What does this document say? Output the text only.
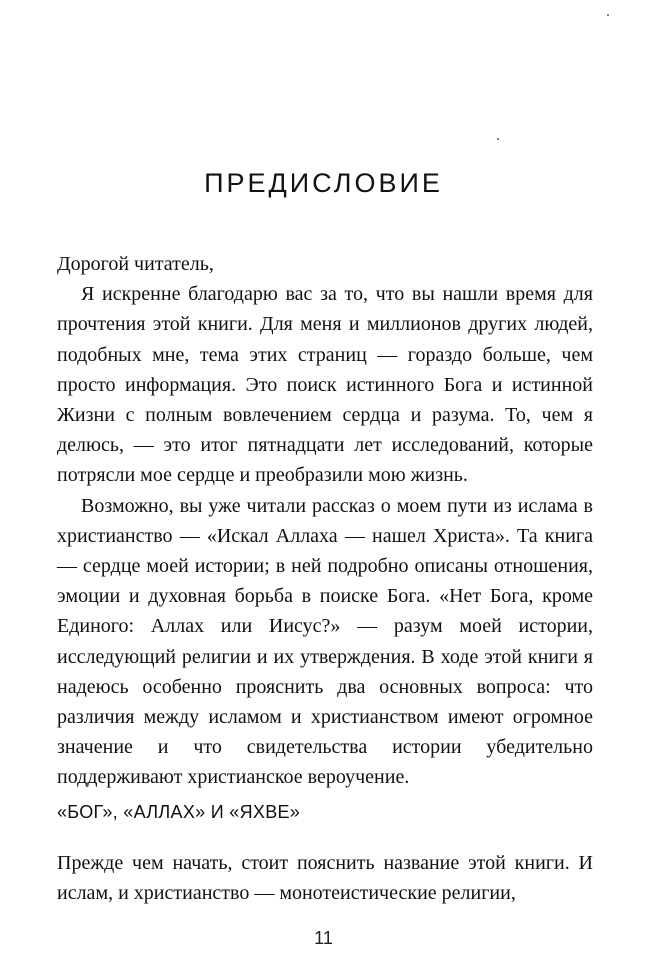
ПРЕДИСЛОВИЕ

Дорогой читатель,

Я искренне благодарю вас за то, что вы нашли время для прочтения этой книги. Для меня и миллионов других людей, подобных мне, тема этих страниц — гораздо больше, чем просто информация. Это поиск истинного Бога и истинной Жизни с полным вовлечением сердца и разума. То, чем я делюсь, — это итог пятнадцати лет исследований, которые потрясли мое сердце и преобразили мою жизнь.

Возможно, вы уже читали рассказ о моем пути из ислама в христианство — «Искал Аллаха — нашел Христа». Та книга — сердце моей истории; в ней подробно описаны отношения, эмоции и духовная борьба в поиске Бога. «Нет Бога, кроме Единого: Аллах или Иисус?» — разум моей истории, исследующий религии и их утверждения. В ходе этой книги я надеюсь особенно прояснить два основных вопроса: что различия между исламом и христианством имеют огромное значение и что свидетельства истории убедительно поддерживают христианское вероучение.

«БОГ», «АЛЛАХ» И «ЯХВЕ»

Прежде чем начать, стоит пояснить название этой книги. И ислам, и христианство — монотеистические религии,

11
